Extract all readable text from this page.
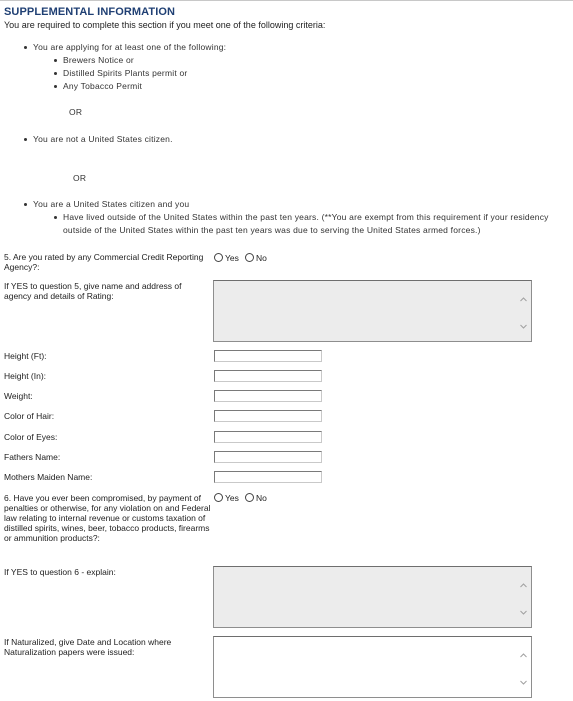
SUPPLEMENTAL INFORMATION
You are required to complete this section if you meet one of the following criteria:
You are applying for at least one of the following:
Brewers Notice or
Distilled Spirits Plants permit or
Any Tobacco Permit
OR
You are not a United States citizen.
OR
You are a United States citizen and you
Have lived outside of the United States within the past ten years. (**You are exempt from this requirement if your residency outside of the United States within the past ten years was due to serving the United States armed forces.)
5. Are you rated by any Commercial Credit Reporting Agency?:
Yes No
If YES to question 5, give name and address of agency and details of Rating:
Height (Ft):
Height (In):
Weight:
Color of Hair:
Color of Eyes:
Fathers Name:
Mothers Maiden Name:
6. Have you ever been compromised, by payment of penalties or otherwise, for any violation on and Federal law relating to internal revenue or customs taxation of distilled spirits, wines, beer, tobacco products, firearms or ammunition products?:
Yes No
If YES to question 6 - explain:
If Naturalized, give Date and Location where Naturalization papers were issued:
